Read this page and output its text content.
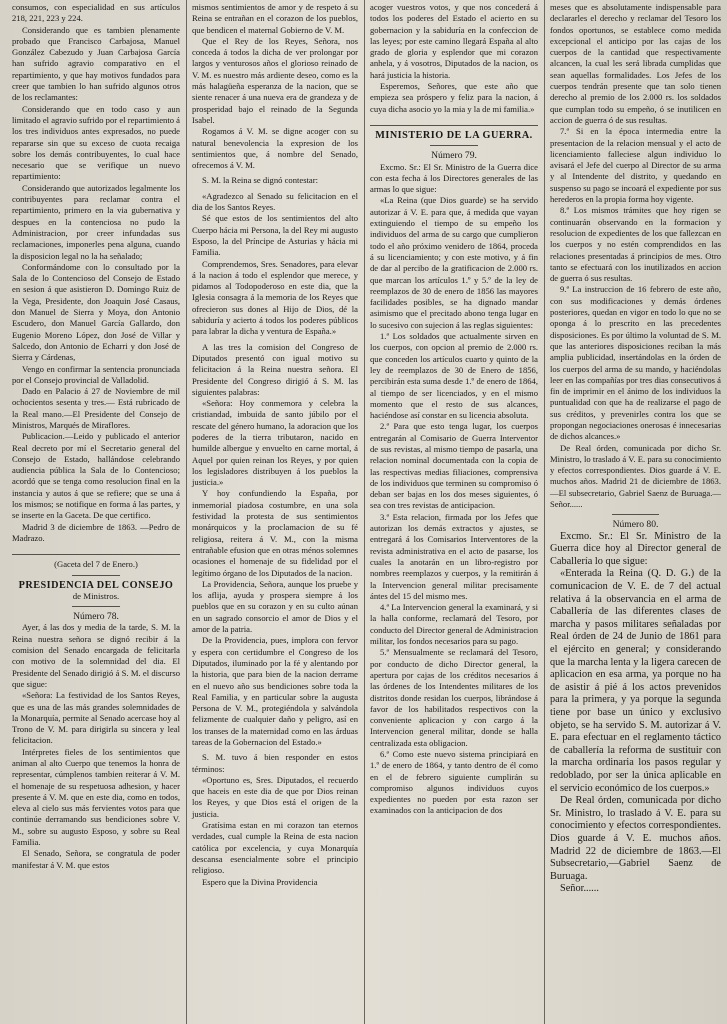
consumos, con especialidad en sus artículos 218, 221, 223 y 224.

Considerando que es tambien plenamente probado que Francisco Carbajosa, Manuel González Cabezudo y Juan Carbajosa García han sufrido agravio comparativo en el repartimiento, y que hay motivos fundados para creer que tambien lo han sufrido algunos otros de los reclamantes:

Considerando que en todo caso y aun limitado el agravio sufrido por el repartimiento á los tres individuos antes expresados, no puede repararse sin que su exceso de cuota recaiga sobre los demás contribuyentes, lo cual hace necesario que se verifique un nuevo repartimiento:

Considerando que autorizados legalmente los contribuyentes para reclamar contra el repartimiento, primero en la via gubernativa y despues en la contenciosa no pudo la Administracion, por creer infundadas sus reclamaciones, imponerles pena alguna, cuando la disposicion legal no la ha señalado;

Conformándome con lo consultado por la Sala de lo Contencioso del Consejo de Estado en sesion á que asistieron D. Domingo Ruiz de la Vega, Presidente, don Joaquin José Casaus, don Manuel de Sierra y Moya, don Antonio Escudero, don Manuel García Gallardo, don Eugenio Moreno López, don José de Villar y Salcedo, don Antonio de Echarri y don José de Sierra y Cárdenas,

Vengo en confirmar la sentencia pronunciada por el Consejo provincial de Valladolid.

Dado en Palacio á 27 de Noviembre de mil ochocientos sesenta y tres.— Está rubricado de la Real mano.—El Presidente del Consejo de Ministros, Marqués de Miraflores.

Publicacion.—Leido y publicado el anterior Real decreto por mí el Secretario general del Consejo de Estado, hallándose celebrando audiencia pública la Sala de lo Contencioso; acordó que se tenga como resolucion final en la instancia y autos á que se refiere; que se una á los mismos; se notifique en forma á las partes, y se inserte en la Gaceta. De que certifico.

Madrid 3 de diciembre de 1863. —Pedro de Madrazo.

(Gaceta del 7 de Enero.)

PRESIDENCIA DEL CONSEJO

de Ministros.

Número 78.

Ayer, á las dos y media de la tarde, S. M. la Reina nuestra señora se dignó recibir á la comision del Senado encargada de felicitarla con motivo de la solemnidad del dia. El Presidente del Senado dirigió á S. M. el discurso que sigue:

«Señora: La festividad de los Santos Reyes, que es una de las más grandes solemnidades de la Monarquía, permite al Senado acercase hoy al Trono de V. M. para dirigirla su sincera y leal felicitacion.

Intérpretes fieles de los sentimientos que animan al alto Cuerpo que tenemos la honra de representar, cúmplenos tambien reiterar á V. M. el homenaje de su respetuosa adhesion, y hacer presente á V. M. que en este dia, como en todos, eleva al cielo sus más fervientes votos para que continúe derramando sus bendiciones sobre V. M., sobre su augusto Esposo, y sobre su Real Familia.

El Senado, Señora, se congratula de poder manifestar á V. M. que estos

mismos sentimientos de amor y de respeto á su Reina se entrañan en el corazon de los pueblos, que bendicen el maternal Gobierno de V. M.

Que el Rey de los Reyes, Señora, nos conceda á todos la dicha de ver prolongar por largos y venturosos años el glorioso reinado de V. M. es nuestro más ardiente deseo, como es la más halagüeña esperanza de la nacion, que se siente renacer á una nueva era de grandeza y de prosperidad bajo el reinado de la Segunda Isabel.

Rogamos á V. M. se digne acoger con su natural benevolencia la expresion de los sentimientos que, á nombre del Senado, ofrecemos á V. M.

S. M. la Reina se dignó contestar:

«Agradezco al Senado su felicitacion en el dia de los Santos Reyes.

Sé que estos de los sentimientos del alto Cuerpo hácia mi Persona, la del Rey mi augusto Esposo, la del Príncipe de Asturias y hácia mi Familia.

Comprendemos, Sres. Senadores, para elevar á la nacion á todo el esplendor que merece, y pidamos al Todopoderoso en este dia, que la Iglesia consagra á la memoria de los Reyes que ofrecieron sus dones al Hijo de Dios, dé la sabiduría y acierto á todos los poderes públicos para labrar la dicha y ventura de España.»

A las tres la comision del Congreso de Diputados presentó con igual motivo su felicitacion á la Reina nuestra señora. El Presidente del Congreso dirigió á S. M. las siguientes palabras:

«Señora: Hoy conmemora y celebra la cristiandad, imbuida de santo júbilo por el rescate del género humano, la adoracion que los poderes de la tierra tributaron, nacido en humilde albergue y envuelto en carne mortal, á Aquel por quien reinan los Reyes, y por quien los legisladores distribuyen á los pueblos la justicia.»

Y hoy confundiendo la España, por inmemorial piadosa costumbre, en una sola festividad la protesta de sus sentimientos monárquicos y la proclamacion de su fé religiosa, reitera á V. M., con la misma entrañable efusion que en otras ménos solemnes ocasiones el homenaje de su fidelidad por el legítimo órgano de los Diputados de la nacion.

La Providencia, Señora, aunque los pruebe y los aflija, ayuda y prospera siempre á los pueblos que en su corazon y en su culto aúnan en un sagrado consorcio el amor de Dios y el amor de la patria.

De la Providencia, pues, implora con fervor y espera con certidumbre el Congreso de los Diputados, iluminado por la fé y alentando por la historia, que para bien de la nacion derrame en el nuevo año sus bendiciones sobre toda la Real Familia, y en particular sobre la augusta Persona de V. M., protegiéndola y salvándola felizmente de cualquier daño y peligro, así en los transes de la maternidad como en las árduas tareas de la Gobernacion del Estado.»

S. M. tuvo á bien responder en estos términos:

«Oportuno es, Sres. Diputados, el recuerdo que haceis en este dia de que por Dios reinan los Reyes, y que Dios está el origen de la justicia.

Gratísima estan en mi corazon tan eternos verdades, cual cumple la Reina de esta nacion católica por excelencia, y cuya Monarquía descansa esencialmente sobre el principio religioso.

Espero que la Divina Providencia

acoger vuestros votos, y que nos concederá á todos los poderes del Estado el acierto en su gobernacion y la sabiduría en la confeccion de las leyes; por este camino llegará España al alto grado de gloria y esplendor que mi corazon anhela, y á vosotros, Diputados de la nacion, os hará justicia la historia.

Esperemos, Señores, que este año que empieza sea próspero y feliz para la nacion, á cuya dicha asocio yo la mia y la de mi familia.»

MINISTERIO DE LA GUERRA.

Número 79.

Excmo. Sr.: El Sr. Ministro de la Guerra dice con esta fecha á los Directores generales de las armas lo que sigue:

«La Reina (que Dios guarde) se ha servido autorizar á V. E. para que, á medida que vayan extinguiendo el tiempo de su empeño los individuos del arma de su cargo que cumplieron todo el año próximo venidero de 1864, proceda á su licenciamiento; y con este motivo, y á fin de dar al percibo de la gratificacion de 2.000 rs. que marcan los artículos 1.º y 5.º de la ley de reemplazos de 30 de enero de 1856 las mayores facilidades posibles, se ha dignado mandar asimismo que el precitado abono tenga lugar en lo sucesivo con sujecion á las reglas siguientes:

1.ª Los soldados que actualmente sirven en los cuerpos, con opcion al premio de 2.000 rs. que conceden los artículos cuarto y quinto de la ley de reemplazos de 30 de Enero de 1856, percibirán esta suma desde 1.º de enero de 1864, al tiempo de ser licenciados, y en el mismo momento que el resto de sus alcances, haciéndose así constar en su licencia absoluta.

2.ª Para que esto tenga lugar, los cuerpos entregarán al Comisario de Guerra Interventor de sus revistas, al mismo tiempo de pasarla, una relacion nominal documentada con la copia de las respectivas medias filiaciones, comprensiva de los individuos que terminen su compromiso ó deban ser bajas en los dos meses siguientes, ó sea con tres revistas de anticipacion.

3.ª Esta relacion, firmada por los Jefes que autorizan los demás extractos y ajustes, se entregará á los Comisarios Interventores de la revista administrativa en el acto de pasarse, los cuales la anotarán en un libro-registro por nombres reemplazos y cuerpos, y la remitirán á la Intervencion general militar precisamente ántes del 15 del mismo mes.

4.ª La Intervencion general la examinará, y si la halla conforme, reclamará del Tesoro, por conducto del Director general de Administracion militar, los fondos necesarios para su pago.

5.ª Mensualmente se reclamará del Tesoro, por conducto de dicho Director general, la apertura por cajas de los créditos necesarios á las órdenes de los Intendentes militares de los distritos donde residan los cuerpos, librándose á favor de los habilitados respectivos con la conveniente aplicacion y con cargo á la Intervencion general militar, donde se halla centralizada esta obligacion.

6.ª Como este nuevo sistema principiará en 1.º de enero de 1864, y tanto dentro de él como en el de febrero siguiente cumplirán su compromiso algunos individuos cuyos expedientes no pueden por esta razon ser examinados con la anticipacion de dos

meses que es absolutamente indispensable para declararles el derecho y reclamar del Tesoro los fondos oportunos, se establece como medida excepcional el anticipo por las cajas de los cuerpos de la cantidad que respectivamente alcancen, la cual les será librada cumplidas que sean aquellas formalidades. Los Jefes de los cuerpos tendrán presente que tan solo tienen derecho al premio de los 2.000 rs. los soldados que cumplan todo su empeño, ó se inutilicen en accion de guerra ó de sus resultas.

7.ª Si en la época intermedia entre la presentacion de la relacion mensual y el acto de licenciamiento falleciese algun individuo lo avisará el Jefe del cuerpo al Director de su arma y al Intendente del distrito, y quedando en suspenso su pago se incoará el expediente por sus herederos en la propia forma hoy vigente.

8.ª Los mismos trámites que hoy rigen se continuarán observando en la formacion y resolucion de expedientes de los que fallezcan en los cuerpos y no estén comprendidos en las relaciones presentadas á principios de mes. Otro tanto se efectuará con los inutilizados en accion de guerra ó sus resultas.

9.ª La instruccion de 16 febrero de este año, con sus modificaciones y demás órdenes posteriores, quedan en vigor en todo lo que no se oponga á lo prescrito en las precedentes disposiciones. Es por último la voluntad de S. M. que las anteriores disposiciones reciban la más amplia publicidad, insertándolas en la órden de los cuerpos del arma de su mando, y haciéndolas leer en las compañías por tres dias consecutivos á fin de imprimir en el ánimo de los individuos la puntualidad con que ha de realizarse el pago de sus créditos, y prevenirles contra los que se propongan negociaciones onerosas é innecesarias de dichos alcances.»

De Real órden, comunicada por dicho Sr. Ministro, lo traslado á V. E. para su conocimiento y efectos correspondientes. Dios guarde á V. E. muchos años. Madrid 21 de diciembre de 1863.—El subsecretario, Gabriel Saenz de Buruaga.—Señor......

Número 80.

Excmo. Sr.: El Sr. Ministro de la Guerra dice hoy al Director general de Caballería lo que sigue:

«Enterada la Reina (Q. D. G.) de la comunicacion de V. E. de 7 del actual relativa á la observancia en el arma de Caballería de las diferentes clases de marcha y pasos militares señaladas por Real órden de 24 de Junio de 1861 para el ejército en general; y considerando que la marcha lenta y la ligera carecen de aplicacion en esa arma, ya porque no ha de asistir á pié á los actos prevenidos para la primera, y ya porque la segunda tiene por base un único y exclusivo objeto, se ha servido S. M. autorizar á V. E. para efectuar en el reglamento táctico de caballería la reforma de sustituir con la marcha ordinaria los pasos regular y redoblado, por ser la única aplicable en el servicio económico de los cuerpos.»

De Real órden, comunicada por dicho Sr. Ministro, lo traslado á V. E. para su conocimiento y efectos correspondientes. Dios guarde á V. E. muchos años. Madrid 22 de diciembre de 1863.—El Subsecretario,—Gabriel Saenz de Buruaga.

Señor......
